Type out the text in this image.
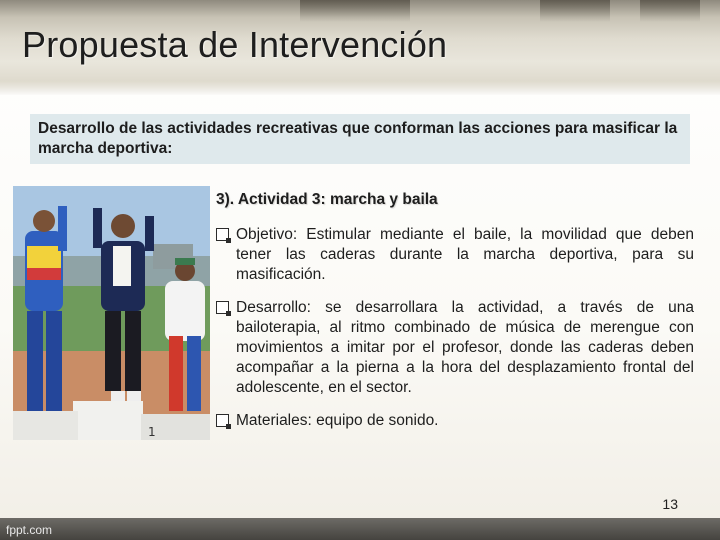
Propuesta de Intervención
Desarrollo de las actividades recreativas que conforman las acciones para masificar la marcha deportiva:
1
3). Actividad 3: marcha y baila
Objetivo: Estimular mediante el baile, la movilidad que deben tener las caderas durante la marcha deportiva, para su masificación.
Desarrollo: se desarrollara la actividad, a través de una bailoterapia, al ritmo combinado de música de merengue con movimientos a imitar por el profesor, donde las caderas deben acompañar a la pierna a la hora del desplazamiento frontal del adolescente, en el sector.
Materiales: equipo de sonido.
13
fppt.com
